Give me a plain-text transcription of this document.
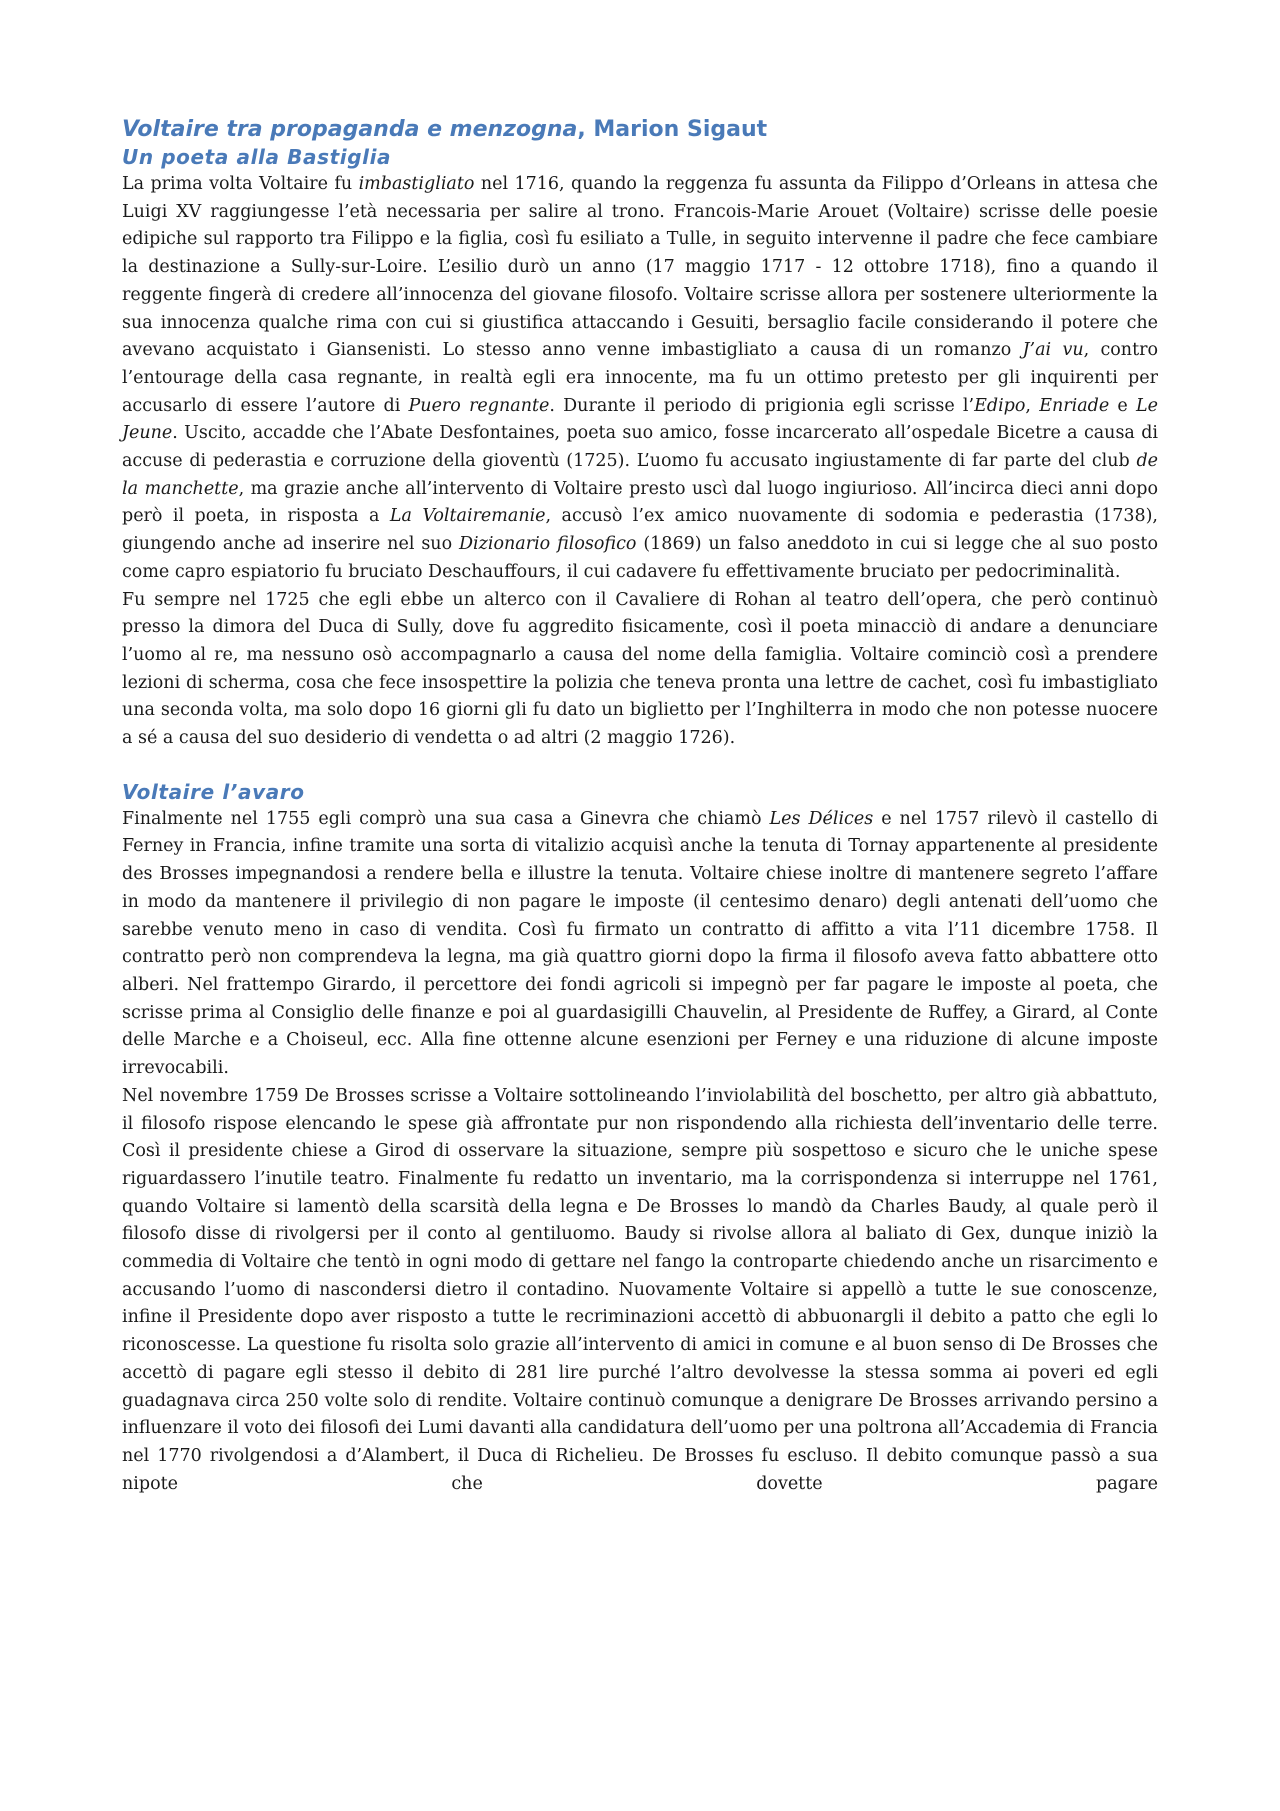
Voltaire tra propaganda e menzogna, Marion Sigaut
Un poeta alla Bastiglia

La prima volta Voltaire fu imbastigliato nel 1716, quando la reggenza fu assunta da Filippo d’Orleans in attesa che Luigi XV raggiungesse l’età necessaria per salire al trono. Francois-Marie Arouet (Voltaire) scrisse delle poesie edipiche sul rapporto tra Filippo e la figlia, così fu esiliato a Tulle, in seguito intervenne il padre che fece cambiare la destinazione a Sully-sur-Loire. L’esilio durò un anno (17 maggio 1717 - 12 ottobre 1718), fino a quando il reggente fingerà di credere all’innocenza del giovane filosofo. Voltaire scrisse allora per sostenere ulteriormente la sua innocenza qualche rima con cui si giustifica attaccando i Gesuiti, bersaglio facile considerando il potere che avevano acquistato i Giansenisti. Lo stesso anno venne imbastigliato a causa di un romanzo J’ai vu, contro l’entourage della casa regnante, in realtà egli era innocente, ma fu un ottimo pretesto per gli inquirenti per accusarlo di essere l’autore di Puero regnante. Durante il periodo di prigionia egli scrisse l’Edipo, Enriade e Le Jeune. Uscito, accadde che l’Abate Desfontaines, poeta suo amico, fosse incarcerato all’ospedale Bicetre a causa di accuse di pederastia e corruzione della gioventù (1725). L’uomo fu accusato ingiustamente di far parte del club de la manchette, ma grazie anche all’intervento di Voltaire presto uscì dal luogo ingiurioso. All’incirca dieci anni dopo però il poeta, in risposta a La Voltairemanie, accusò l’ex amico nuovamente di sodomia e pederastia (1738), giungendo anche ad inserire nel suo Dizionario filosofico (1869) un falso aneddoto in cui si legge che al suo posto come capro espiatorio fu bruciato Deschauffours, il cui cadavere fu effettivamente bruciato per pedocriminalità.

Fu sempre nel 1725 che egli ebbe un alterco con il Cavaliere di Rohan al teatro dell’opera, che però continuò presso la dimora del Duca di Sully, dove fu aggredito fisicamente, così il poeta minacciò di andare a denunciare l’uomo al re, ma nessuno osò accompagnarlo a causa del nome della famiglia. Voltaire cominciò così a prendere lezioni di scherma, cosa che fece insospettire la polizia che teneva pronta una lettre de cachet, così fu imbastigliato una seconda volta, ma solo dopo 16 giorni gli fu dato un biglietto per l’Inghilterra in modo che non potesse nuocere a sé a causa del suo desiderio di vendetta o ad altri (2 maggio 1726).

Voltaire l’avaro

Finalmente nel 1755 egli comprò una sua casa a Ginevra che chiamò Les Délices e nel 1757 rilevò il castello di Ferney in Francia, infine tramite una sorta di vitalizio acquisì anche la tenuta di Tornay appartenente al presidente des Brosses impegnandosi a rendere bella e illustre la tenuta. Voltaire chiese inoltre di mantenere segreto l’affare in modo da mantenere il privilegio di non pagare le imposte (il centesimo denaro) degli antenati dell’uomo che sarebbe venuto meno in caso di vendita. Così fu firmato un contratto di affitto a vita l’11 dicembre 1758. Il contratto però non comprendeva la legna, ma già quattro giorni dopo la firma il filosofo aveva fatto abbattere otto alberi. Nel frattempo Girardo, il percettore dei fondi agricoli si impegnò per far pagare le imposte al poeta, che scrisse prima al Consiglio delle finanze e poi al guardasigilli Chauvelin, al Presidente de Ruffey, a Girard, al Conte delle Marche e a Choiseul, ecc. Alla fine ottenne alcune esenzioni per Ferney e una riduzione di alcune imposte irrevocabili.

Nel novembre 1759 De Brosses scrisse a Voltaire sottolineando l’inviolabilità del boschetto, per altro già abbattuto, il filosofo rispose elencando le spese già affrontate pur non rispondendo alla richiesta dell’inventario delle terre. Così il presidente chiese a Girod di osservare la situazione, sempre più sospettoso e sicuro che le uniche spese riguardassero l’inutile teatro. Finalmente fu redatto un inventario, ma la corrispondenza si interruppe nel 1761, quando Voltaire si lamentò della scarsità della legna e De Brosses lo mandò da Charles Baudy, al quale però il filosofo disse di rivolgersi per il conto al gentiluomo. Baudy si rivolse allora al baliato di Gex, dunque iniziò la commedia di Voltaire che tentò in ogni modo di gettare nel fango la controparte chiedendo anche un risarcimento e accusando l’uomo di nascondersi dietro il contadino. Nuovamente Voltaire si appellò a tutte le sue conoscenze, infine il Presidente dopo aver risposto a tutte le recriminazioni accettò di abbuonargli il debito a patto che egli lo riconoscesse. La questione fu risolta solo grazie all’intervento di amici in comune e al buon senso di De Brosses che accettò di pagare egli stesso il debito di 281 lire purché l’altro devolvesse la stessa somma ai poveri ed egli guadagnava circa 250 volte solo di rendite. Voltaire continuò comunque a denigrare De Brosses arrivando persino a influenzare il voto dei filosofi dei Lumi davanti alla candidatura dell’uomo per una poltrona all’Accademia di Francia nel 1770 rivolgendosi a d’Alambert, il Duca di Richelieu. De Brosses fu escluso. Il debito comunque passò a sua nipote che dovette pagare
